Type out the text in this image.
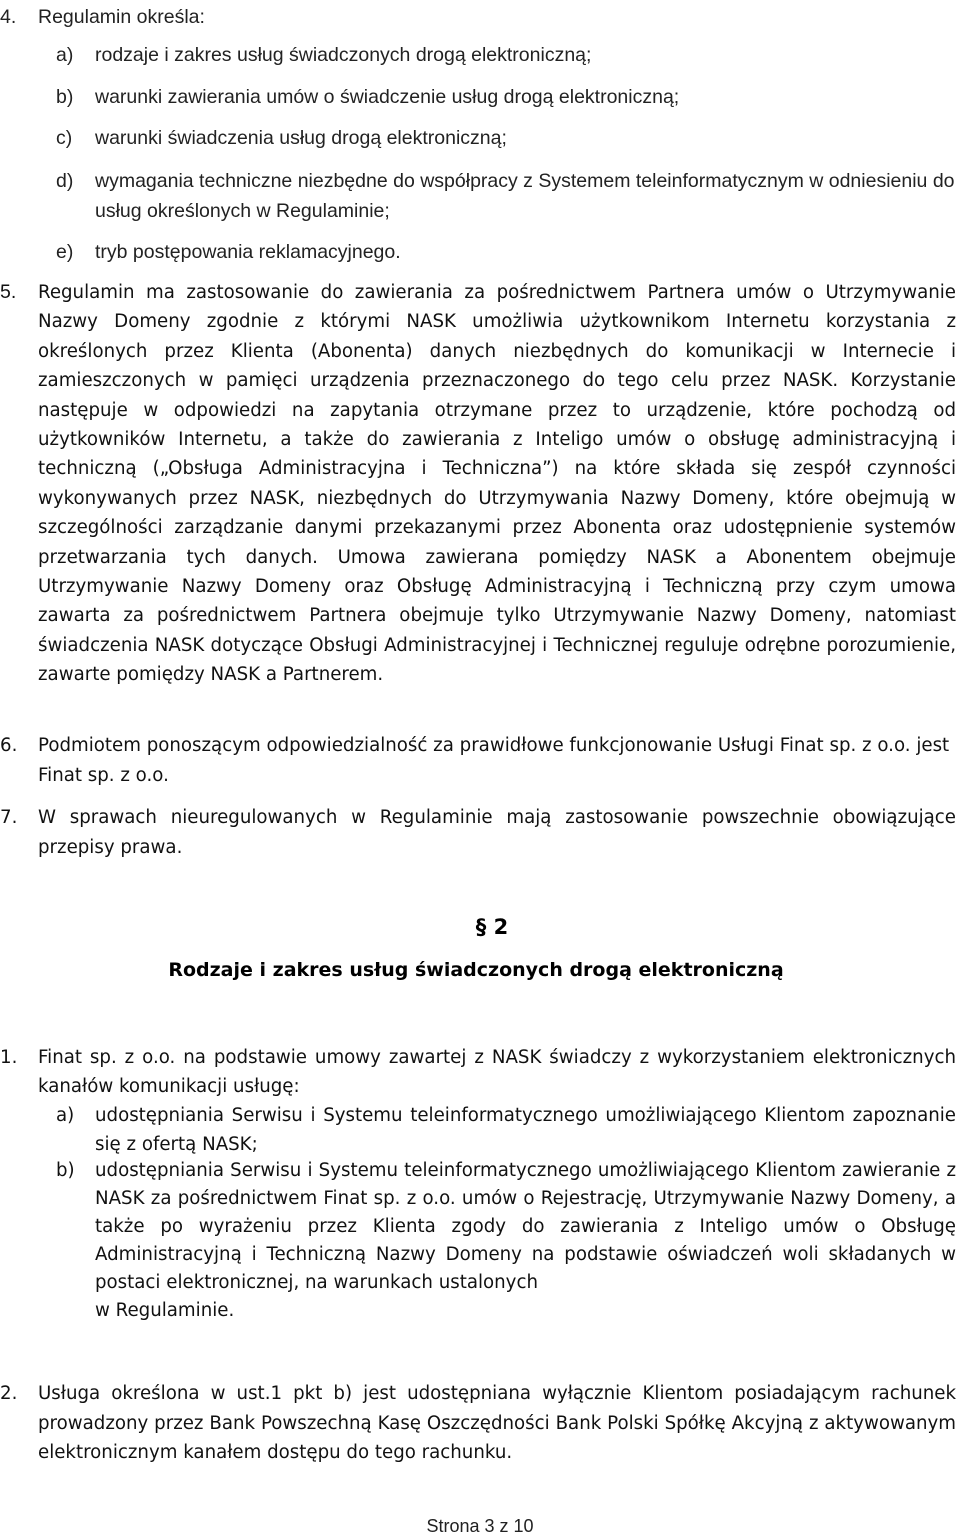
4. Regulamin określa:
a) rodzaje i zakres usług świadczonych drogą elektroniczną;
b) warunki zawierania umów o świadczenie usług drogą elektroniczną;
c) warunki świadczenia usług drogą elektroniczną;
d) wymagania techniczne niezbędne do współpracy z Systemem teleinformatycznym w odniesieniu do usług określonych w Regulaminie;
e) tryb postępowania reklamacyjnego.
5. Regulamin ma zastosowanie do zawierania za pośrednictwem Partnera umów o Utrzymywanie Nazwy Domeny zgodnie z którymi NASK umożliwia użytkownikom Internetu korzystania z określonych przez Klienta (Abonenta) danych niezbędnych do komunikacji w Internecie i zamieszczonych w pamięci urządzenia przeznaczonego do tego celu przez NASK. Korzystanie następuje w odpowiedzi na zapytania otrzymane przez to urządzenie, które pochodzą od użytkowników Internetu, a także do zawierania z Inteligo umów o obsługę administracyjną i techniczną („Obsługa Administracyjna i Techniczna”) na które składa się zespół czynności wykonywanych przez NASK, niezbędnych do Utrzymywania Nazwy Domeny, które obejmują w szczególności zarządzanie danymi przekazanymi przez Abonenta oraz udostępnienie systemów przetwarzania tych danych. Umowa zawierana pomiędzy NASK a Abonentem obejmuje Utrzymywanie Nazwy Domeny oraz Obsługę Administracyjną i Techniczną przy czym umowa zawarta za pośrednictwem Partnera obejmuje tylko Utrzymywanie Nazwy Domeny, natomiast świadczenia NASK dotyczące Obsługi Administracyjnej i Technicznej reguluje odrębne porozumienie, zawarte pomiędzy NASK a Partnerem.
6. Podmiotem ponoszącym odpowiedzialność za prawidłowe funkcjonowanie Usługi Finat sp. z o.o. jest Finat sp. z o.o.
7. W sprawach nieuregulowanych w Regulaminie mają zastosowanie powszechnie obowiązujące przepisy prawa.
§ 2
Rodzaje i zakres usług świadczonych drogą elektroniczną
1. Finat sp. z o.o. na podstawie umowy zawartej z NASK świadczy z wykorzystaniem elektronicznych kanałów komunikacji usługę:
a) udostępniania Serwisu i Systemu teleinformatycznego umożliwiającego Klientom zapoznanie się z ofertą NASK;
b) udostępniania Serwisu i Systemu teleinformatycznego umożliwiającego Klientom zawieranie z NASK za pośrednictwem Finat sp. z o.o. umów o Rejestrację, Utrzymywanie Nazwy Domeny, a także po wyrażeniu przez Klienta zgody do zawierania z Inteligo umów o Obsługę Administracyjną i Techniczną Nazwy Domeny na podstawie oświadczeń woli składanych w postaci elektronicznej, na warunkach ustalonych
w Regulaminie.
2. Usługa określona w ust.1 pkt b) jest udostępniana wyłącznie Klientom posiadającym rachunek prowadzony przez Bank Powszechną Kasę Oszczędności Bank Polski Spółkę Akcyjną z aktywowanym elektronicznym kanałem dostępu do tego rachunku.
Strona 3 z 10
